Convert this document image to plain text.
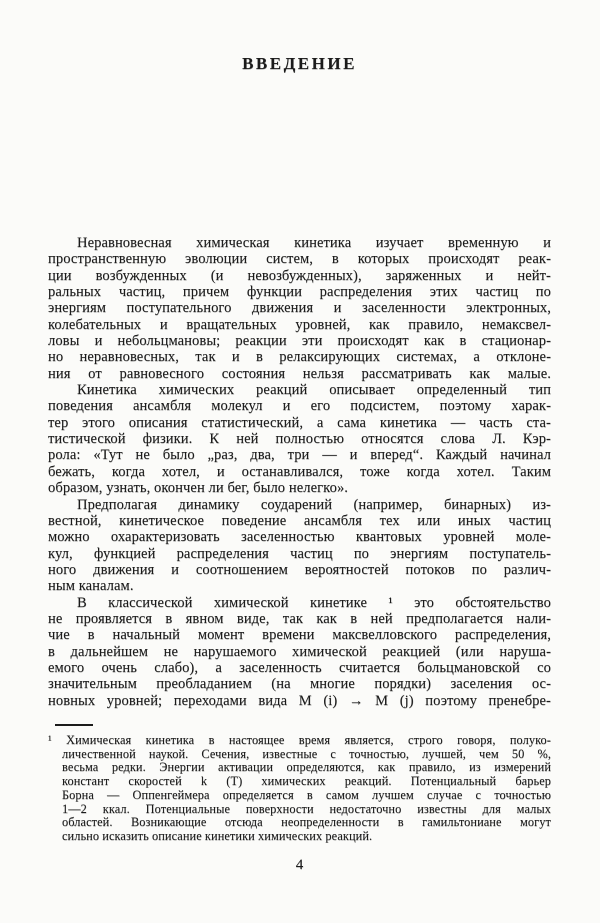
ВВЕДЕНИЕ
Неравновесная химическая кинетика изучает временную и
пространственную эволюции систем, в которых происходят реак-
ции возбужденных (и невозбужденных), заряженных и нейт-
ральных частиц, причем функции распределения этих частиц по
энергиям поступательного движения и заселенности электронных,
колебательных и вращательных уровней, как правило, немаксвел-
ловы и небольцмановы; реакции эти происходят как в стационар-
но неравновесных, так и в релаксирующих системах, а отклоне-
ния от равновесного состояния нельзя рассматривать как малые.
Кинетика химических реакций описывает определенный тип
поведения ансамбля молекул и его подсистем, поэтому харак-
тер этого описания статистический, а сама кинетика — часть ста-
тистической физики. К ней полностью относятся слова Л. Кэр-
рола: «Тут не было „раз, два, три — и вперед“. Каждый начинал
бежать, когда хотел, и останавливался, тоже когда хотел. Таким
образом, узнать, окончен ли бег, было нелегко».
Предполагая динамику соударений (например, бинарных) из-
вестной, кинетическое поведение ансамбля тех или иных частиц
можно охарактеризовать заселенностью квантовых уровней моле-
кул, функцией распределения частиц по энергиям поступатель-
ного движения и соотношением вероятностей потоков по различ-
ным каналам.
В классической химической кинетике ¹ это обстоятельство
не проявляется в явном виде, так как в ней предполагается нали-
чие в начальный момент времени максвелловского распределения,
в дальнейшем не нарушаемого химической реакцией (или наруша-
емого очень слабо), а заселенность считается больцмановской со
значительным преобладанием (на многие порядки) заселения ос-
новных уровней; переходами вида M (i) → M (j) поэтому пренебре-
¹ Химическая кинетика в настоящее время является, строго говоря, полуко-
личественной наукой. Сечения, известные с точностью, лучшей, чем 50 %,
весьма редки. Энергии активации определяются, как правило, из измерений
констант скоростей k (T) химических реакций. Потенциальный барьер
Борна — Оппенгеймера определяется в самом лучшем случае с точностью
1—2 ккал. Потенциальные поверхности недостаточно известны для малых
областей. Возникающие отсюда неопределенности в гамильтониане могут
сильно исказить описание кинетики химических реакций.
4
